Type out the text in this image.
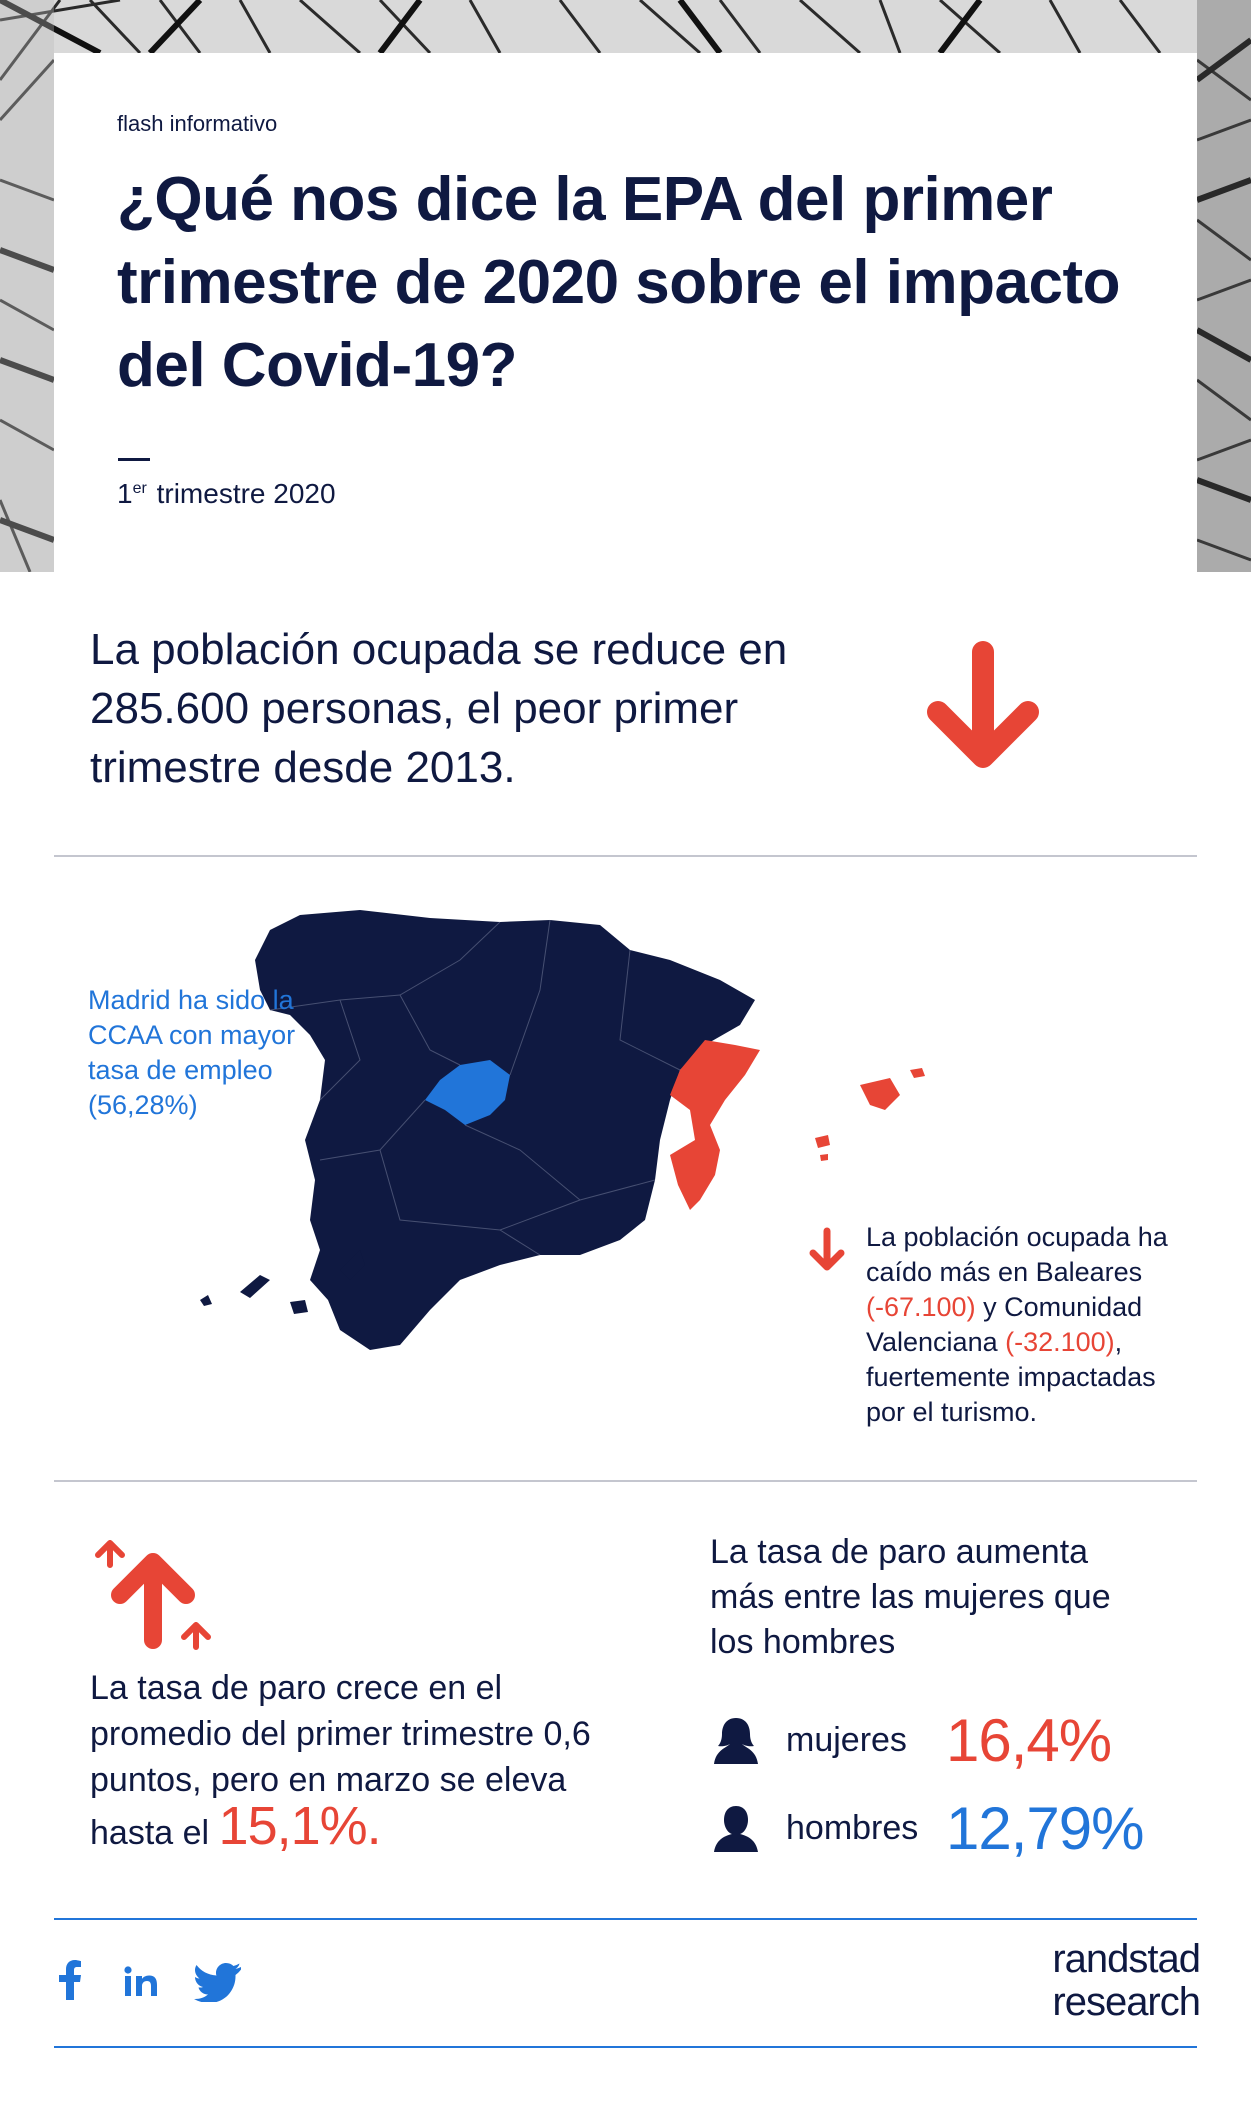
flash informativo
¿Qué nos dice la EPA del primer trimestre de 2020 sobre el impacto del Covid-19?
1er trimestre 2020
La población ocupada se reduce en 285.600 personas, el peor primer trimestre desde 2013.
Madrid ha sido la CCAA con mayor tasa de empleo (56,28%)
La población ocupada ha caído más en Baleares (-67.100) y Comunidad Valenciana (-32.100), fuertemente impactadas por el turismo.
La tasa de paro crece en el promedio del primer trimestre 0,6 puntos, pero en marzo se eleva hasta el 15,1%.
La tasa de paro aumenta más entre las mujeres que los hombres
mujeres 16,4%
hombres 12,79%
randstad
research
